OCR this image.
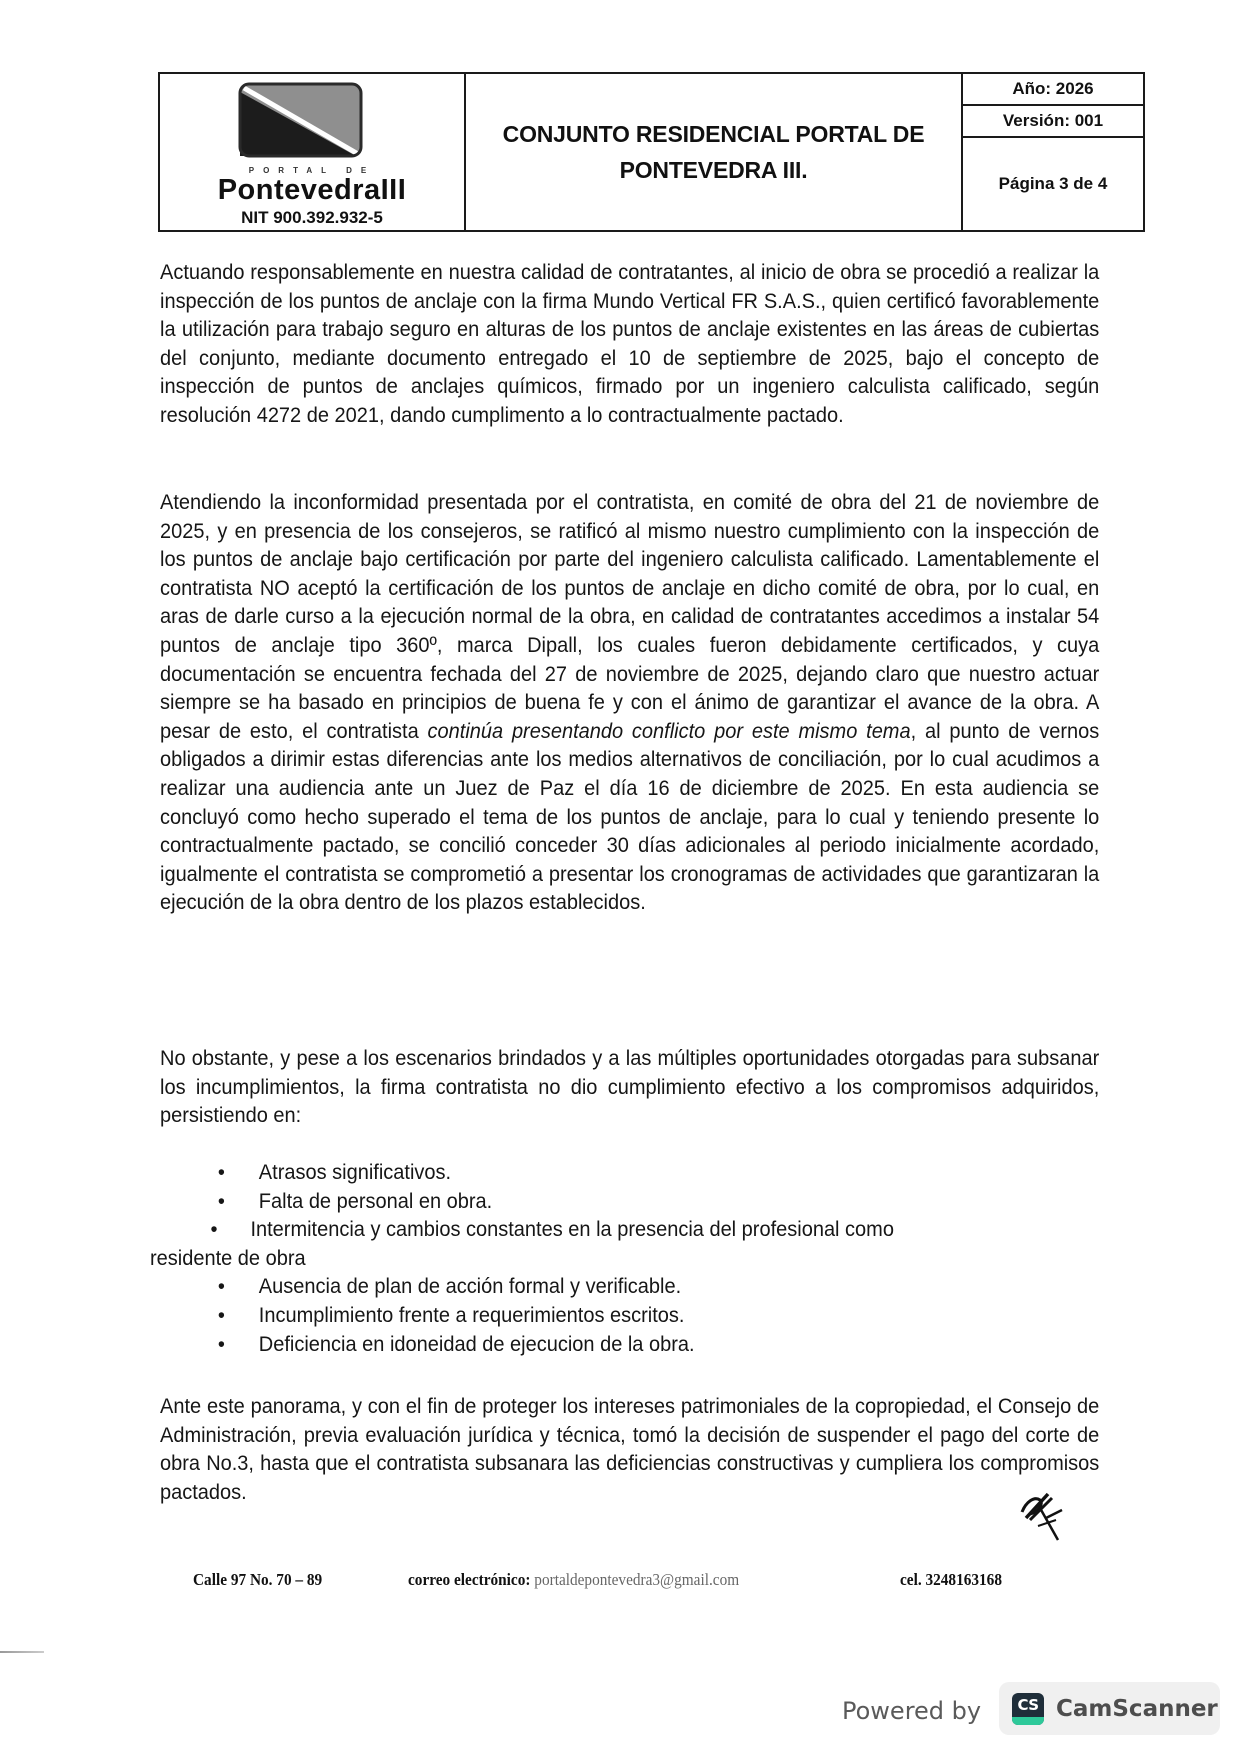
PORTAL DE
PontevedraIII
NIT 900.392.932-5
CONJUNTO RESIDENCIAL PORTAL DE
PONTEVEDRA III.
Año: 2026
Versión: 001
Página 3 de 4

Actuando responsablemente en nuestra calidad de contratantes, al inicio de obra se procedió a realizar la inspección de los puntos de anclaje con la firma Mundo Vertical FR S.A.S., quien certificó favorablemente la utilización para trabajo seguro en alturas de los puntos de anclaje existentes en las áreas de cubiertas del conjunto, mediante documento entregado el 10 de septiembre de 2025, bajo el concepto de inspección de puntos de anclajes químicos, firmado por un ingeniero calculista calificado, según resolución 4272 de 2021, dando cumplimento a lo contractualmente pactado.

Atendiendo la inconformidad presentada por el contratista, en comité de obra del 21 de noviembre de 2025, y en presencia de los consejeros, se ratificó al mismo nuestro cumplimiento con la inspección de los puntos de anclaje bajo certificación por parte del ingeniero calculista calificado. Lamentablemente el contratista NO aceptó la certificación de los puntos de anclaje en dicho comité de obra, por lo cual, en aras de darle curso a la ejecución normal de la obra, en calidad de contratantes accedimos a instalar 54 puntos de anclaje tipo 360º, marca Dipall, los cuales fueron debidamente certificados, y cuya documentación se encuentra fechada del 27 de noviembre de 2025, dejando claro que nuestro actuar siempre se ha basado en principios de buena fe y con el ánimo de garantizar el avance de la obra. A pesar de esto, el contratista continúa presentando conflicto por este mismo tema, al punto de vernos obligados a dirimir estas diferencias ante los medios alternativos de conciliación, por lo cual acudimos a realizar una audiencia ante un Juez de Paz el día 16 de diciembre de 2025. En esta audiencia se concluyó como hecho superado el tema de los puntos de anclaje, para lo cual y teniendo presente lo contractualmente pactado, se concilió conceder 30 días adicionales al periodo inicialmente acordado, igualmente el contratista se comprometió a presentar los cronogramas de actividades que garantizaran la ejecución de la obra dentro de los plazos establecidos.

No obstante, y pese a los escenarios brindados y a las múltiples oportunidades otorgadas para subsanar los incumplimientos, la firma contratista no dio cumplimiento efectivo a los compromisos adquiridos, persistiendo en:

• Atrasos significativos.
• Falta de personal en obra.
• Intermitencia y cambios constantes en la presencia del profesional como
residente de obra
• Ausencia de plan de acción formal y verificable.
• Incumplimiento frente a requerimientos escritos.
• Deficiencia en idoneidad de ejecucion de la obra.

Ante este panorama, y con el fin de proteger los intereses patrimoniales de la copropiedad, el Consejo de Administración, previa evaluación jurídica y técnica, tomó la decisión de suspender el pago del corte de obra No.3, hasta que el contratista subsanara las deficiencias constructivas y cumpliera los compromisos pactados.

Calle 97 No. 70 – 89	correo electrónico: portaldepontevedra3@gmail.com	cel. 3248163168
Powered by CS CamScanner
